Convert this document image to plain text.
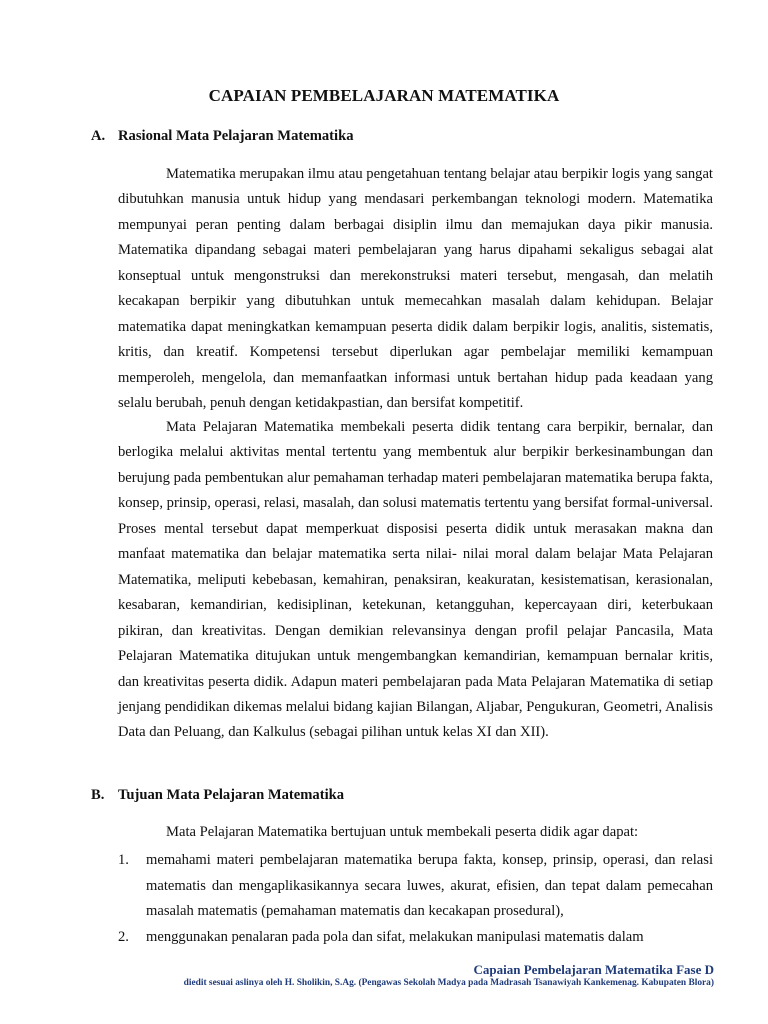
CAPAIAN PEMBELAJARAN MATEMATIKA
A. Rasional Mata Pelajaran Matematika

Matematika merupakan ilmu atau pengetahuan tentang belajar atau berpikir logis yang sangat dibutuhkan manusia untuk hidup yang mendasari perkembangan teknologi modern. Matematika mempunyai peran penting dalam berbagai disiplin ilmu dan memajukan daya pikir manusia. Matematika dipandang sebagai materi pembelajaran yang harus dipahami sekaligus sebagai alat konseptual untuk mengonstruksi dan merekonstruksi materi tersebut, mengasah, dan melatih kecakapan berpikir yang dibutuhkan untuk memecahkan masalah dalam kehidupan. Belajar matematika dapat meningkatkan kemampuan peserta didik dalam berpikir logis, analitis, sistematis, kritis, dan kreatif. Kompetensi tersebut diperlukan agar pembelajar memiliki kemampuan memperoleh, mengelola, dan memanfaatkan informasi untuk bertahan hidup pada keadaan yang selalu berubah, penuh dengan ketidakpastian, dan bersifat kompetitif.

Mata Pelajaran Matematika membekali peserta didik tentang cara berpikir, bernalar, dan berlogika melalui aktivitas mental tertentu yang membentuk alur berpikir berkesinambungan dan berujung pada pembentukan alur pemahaman terhadap materi pembelajaran matematika berupa fakta, konsep, prinsip, operasi, relasi, masalah, dan solusi matematis tertentu yang bersifat formal-universal. Proses mental tersebut dapat memperkuat disposisi peserta didik untuk merasakan makna dan manfaat matematika dan belajar matematika serta nilai- nilai moral dalam belajar Mata Pelajaran Matematika, meliputi kebebasan, kemahiran, penaksiran, keakuratan, kesistematisan, kerasionalan, kesabaran, kemandirian, kedisiplinan, ketekunan, ketangguhan, kepercayaan diri, keterbukaan pikiran, dan kreativitas. Dengan demikian relevansinya dengan profil pelajar Pancasila, Mata Pelajaran Matematika ditujukan untuk mengembangkan kemandirian, kemampuan bernalar kritis, dan kreativitas peserta didik. Adapun materi pembelajaran pada Mata Pelajaran Matematika di setiap jenjang pendidikan dikemas melalui bidang kajian Bilangan, Aljabar, Pengukuran, Geometri, Analisis Data dan Peluang, dan Kalkulus (sebagai pilihan untuk kelas XI dan XII).

B. Tujuan Mata Pelajaran Matematika

Mata Pelajaran Matematika bertujuan untuk membekali peserta didik agar dapat:

1. memahami materi pembelajaran matematika berupa fakta, konsep, prinsip, operasi, dan relasi matematis dan mengaplikasikannya secara luwes, akurat, efisien, dan tepat dalam pemecahan masalah matematis (pemahaman matematis dan kecakapan prosedural),
2. menggunakan penalaran pada pola dan sifat, melakukan manipulasi matematis dalam

Capaian Pembelajaran Matematika Fase D

diedit sesuai aslinya oleh H. Sholikin, S.Ag. (Pengawas Sekolah Madya pada Madrasah Tsanawiyah Kankemenag. Kabupaten Blora)
